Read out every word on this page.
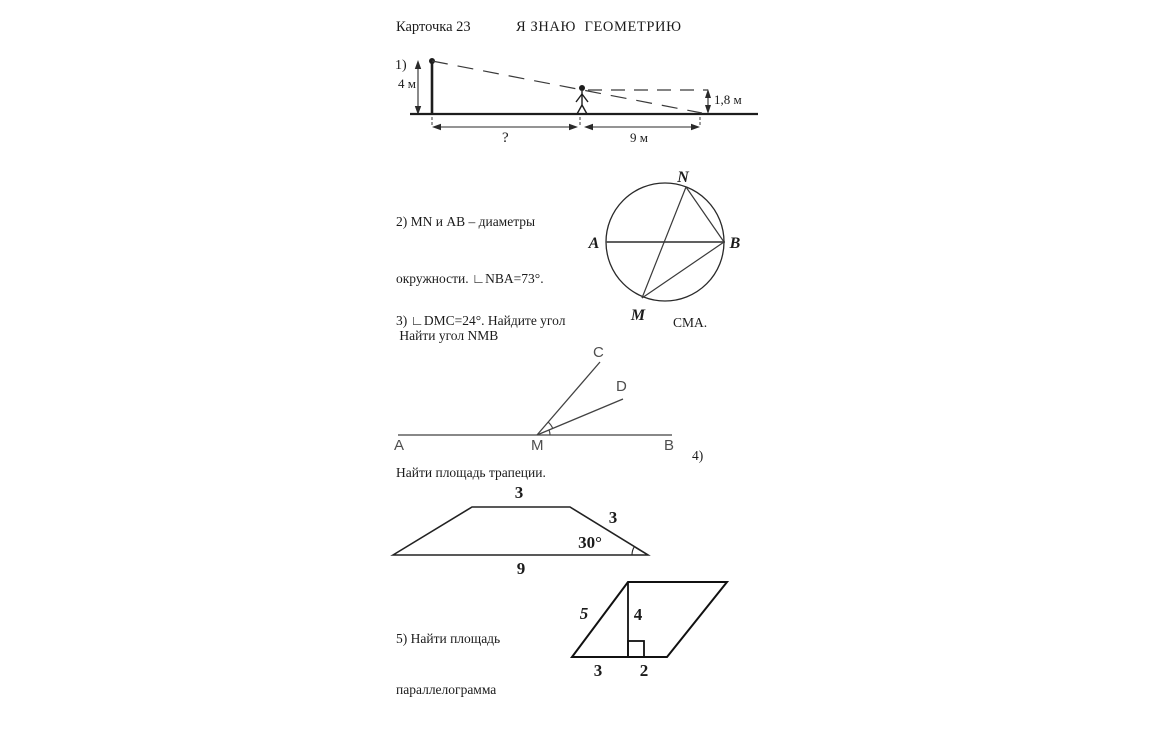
Карточка 23	Я ЗНАЮ  ГЕОМЕТРИЮ
1)
4 м
1,8 м
?	9 м

2) MN и AB – диаметры

окружности. ∟NBA=73°.

Найти угол NMB

N
A	B
М
3) ∟DMC=24°. Найдите угол	СМА.
C
D
A	M	B
4)
Найти площадь трапеции.
3
3
9
30°

5) Найти площадь

параллелограмма

5	4
3 2
